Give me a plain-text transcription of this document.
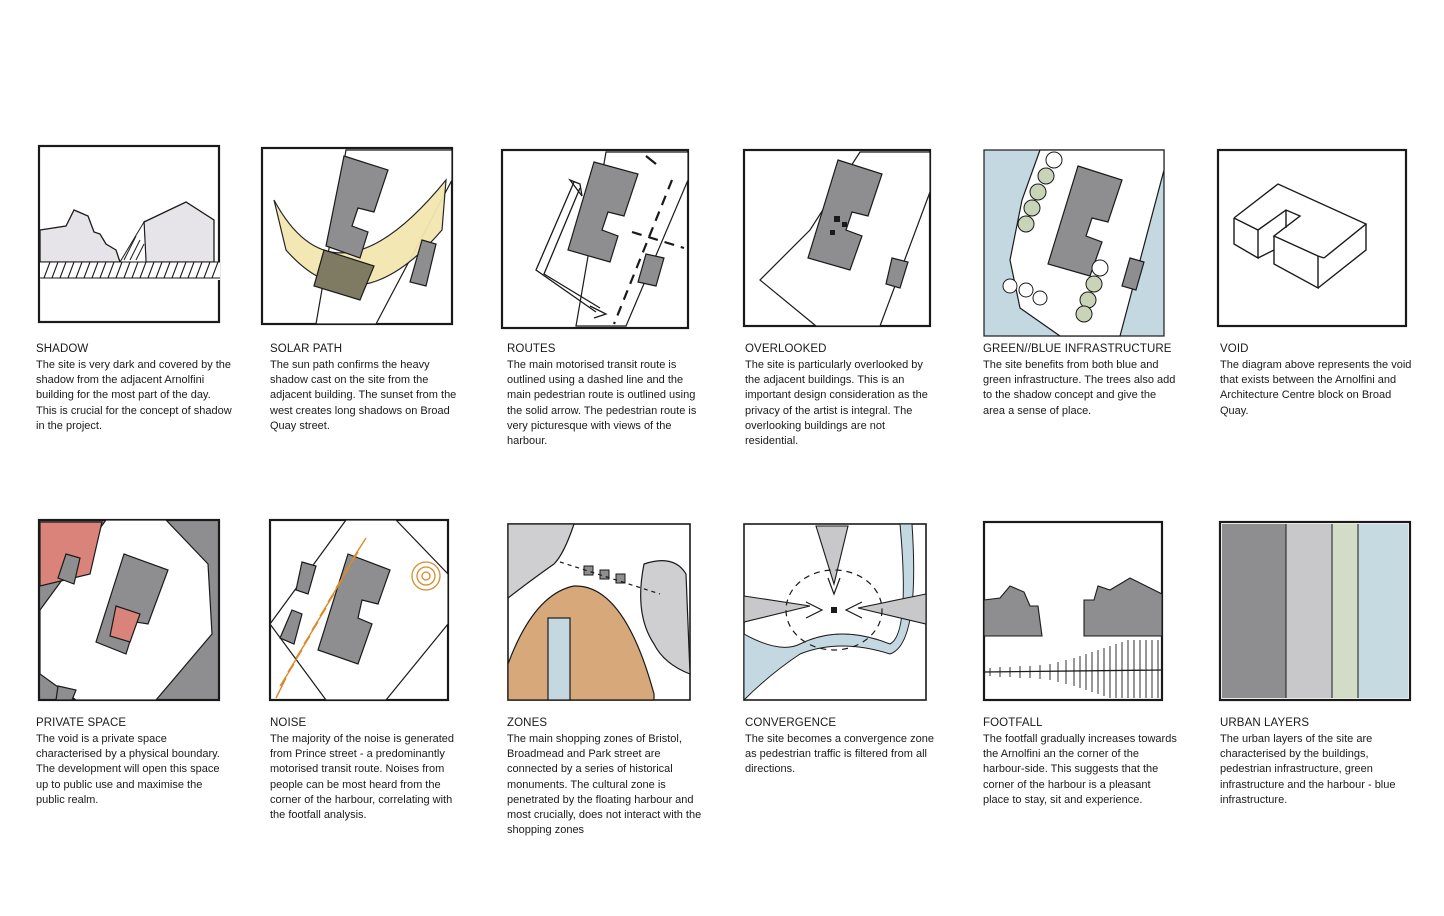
SHADOW
The site is very dark and covered by the shadow from the adjacent Arnolfini building for the most part of the day. This is crucial for the concept of shadow in the project.
SOLAR PATH
The sun path confirms the heavy shadow cast on the site from the adjacent building. The sunset from the west creates long shadows on Broad Quay street.
ROUTES
The main motorised transit route is outlined using a dashed line and the main pedestrian route is outlined using the solid arrow. The pedestrian route is very picturesque with views of the harbour.
OVERLOOKED
The site is particularly overlooked by the adjacent buildings. This is an important design consideration as the privacy of the artist is integral. The overlooking buildings are not residential.
GREEN//BLUE INFRASTRUCTURE
The site benefits from both blue and green infrastructure. The trees also add to the shadow concept and give the area a sense of place.
VOID
The diagram above represents the void that exists between the Arnolfini and Architecture Centre block on Broad Quay.
PRIVATE SPACE
The void is a private space characterised by a physical boundary. The development will open this space up to public use and maximise the public realm.
NOISE
The majority of the noise is generated from Prince street - a predominantly motorised transit route. Noises from people can be most heard from the corner of the harbour, correlating with the footfall analysis.
ZONES
The main shopping zones of Bristol, Broadmead and Park street are connected by a series of historical monuments. The cultural zone is penetrated by the floating harbour and most crucially, does not interact with the shopping zones
CONVERGENCE
The site becomes a convergence zone as pedestrian traffic is filtered from all directions.
FOOTFALL
The footfall gradually increases towards the Arnolfini an the corner of the harbour-side. This suggests that the corner of the harbour is a pleasant place to stay, sit and experience.
URBAN LAYERS
The urban layers of the site are characterised by the buildings, pedestrian infrastructure, green infrastructure and the harbour - blue infrastructure.
